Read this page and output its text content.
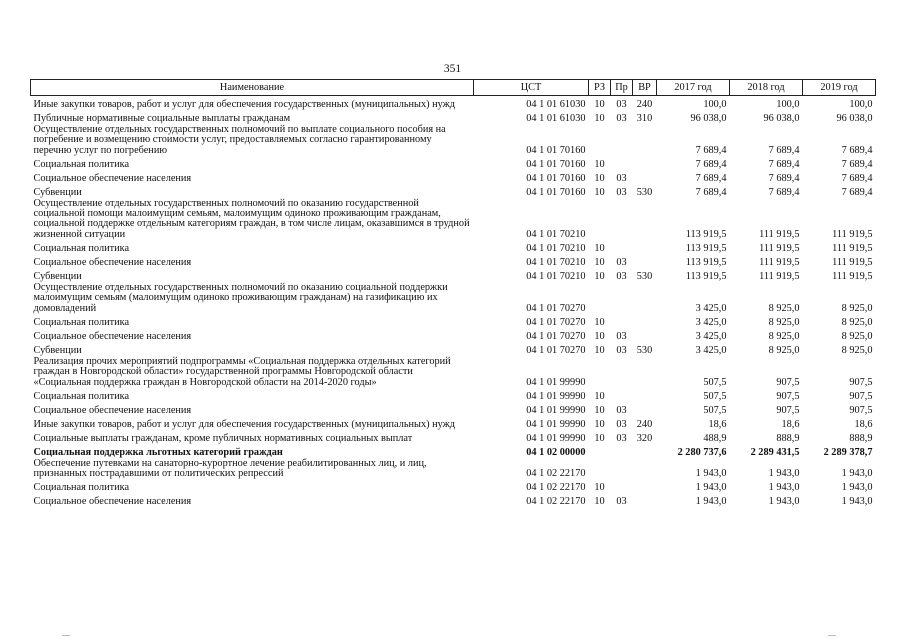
351
Наименование	ЦСТ	РЗ	Пр	ВР	2017 год	2018 год	2019 год
Иные закупки товаров, работ и услуг для обеспечения государственных (муниципальных) нужд	04 1 01 61030	10	03	240	100,0	100,0	100,0
Публичные нормативные социальные выплаты гражданам	04 1 01 61030	10	03	310	96 038,0	96 038,0	96 038,0
Осуществление отдельных государственных полномочий по выплате социального пособия на погребение и возмещению стоимости услуг, предоставляемых согласно гарантированному перечню услуг по погребению	04 1 01 70160				7 689,4	7 689,4	7 689,4
Социальная политика	04 1 01 70160	10			7 689,4	7 689,4	7 689,4
Социальное обеспечение населения	04 1 01 70160	10	03		7 689,4	7 689,4	7 689,4
Субвенции	04 1 01 70160	10	03	530	7 689,4	7 689,4	7 689,4
Осуществление отдельных государственных полномочий по оказанию государственной социальной помощи малоимущим семьям, малоимущим одиноко проживающим гражданам, социальной поддержке отдельным категориям граждан, в том числе лицам, оказавшимся в трудной жизненной ситуации	04 1 01 70210				113 919,5	111 919,5	111 919,5
Социальная политика	04 1 01 70210	10			113 919,5	111 919,5	111 919,5
Социальное обеспечение населения	04 1 01 70210	10	03		113 919,5	111 919,5	111 919,5
Субвенции	04 1 01 70210	10	03	530	113 919,5	111 919,5	111 919,5
Осуществление отдельных государственных полномочий по оказанию социальной поддержки малоимущим семьям (малоимущим одиноко проживающим гражданам) на газификацию их домовладений	04 1 01 70270				3 425,0	8 925,0	8 925,0
Социальная политика	04 1 01 70270	10			3 425,0	8 925,0	8 925,0
Социальное обеспечение населения	04 1 01 70270	10	03		3 425,0	8 925,0	8 925,0
Субвенции	04 1 01 70270	10	03	530	3 425,0	8 925,0	8 925,0
Реализация прочих мероприятий подпрограммы «Социальная поддержка отдельных категорий граждан в Новгородской области» государственной программы Новгородской области «Социальная поддержка граждан в Новгородской области на 2014-2020 годы»	04 1 01 99990				507,5	907,5	907,5
Социальная политика	04 1 01 99990	10			507,5	907,5	907,5
Социальное обеспечение населения	04 1 01 99990	10	03		507,5	907,5	907,5
Иные закупки товаров, работ и услуг для обеспечения государственных (муниципальных) нужд	04 1 01 99990	10	03	240	18,6	18,6	18,6
Социальные выплаты гражданам, кроме публичных нормативных социальных выплат	04 1 01 99990	10	03	320	488,9	888,9	888,9
Социальная поддержка льготных категорий граждан	04 1 02 00000				2 280 737,6	2 289 431,5	2 289 378,7
Обеспечение путевками на санаторно-курортное лечение реабилитированных лиц, и лиц, признанных пострадавшими от политических репрессий	04 1 02 22170				1 943,0	1 943,0	1 943,0
Социальная политика	04 1 02 22170	10			1 943,0	1 943,0	1 943,0
Социальное обеспечение населения	04 1 02 22170	10	03		1 943,0	1 943,0	1 943,0
